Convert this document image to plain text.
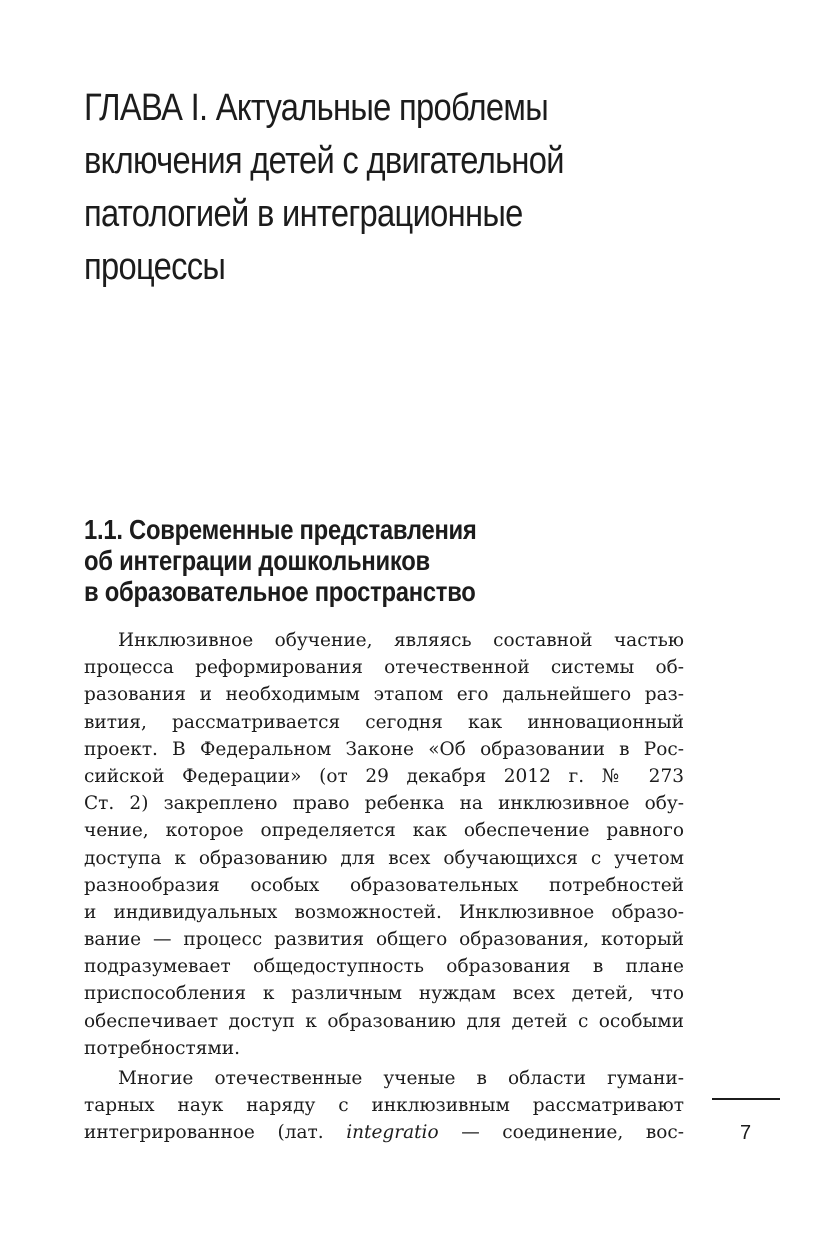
ГЛАВА I. Актуальные проблемы
включения детей с двигательной
патологией в интеграционные
процессы
1.1. Современные представления
об интеграции дошкольников
в образовательное пространство

Инклюзивное обучение, являясь составной частью
процесса реформирования отечественной системы об-
разования и необходимым этапом его дальнейшего раз-
вития, рассматривается сегодня как инновационный
проект. В Федеральном Законе «Об образовании в Рос-
сийской Федерации» (от 29 декабря 2012 г. № 273
Ст. 2) закреплено право ребенка на инклюзивное обу-
чение, которое определяется как обеспечение равного
доступа к образованию для всех обучающихся с учетом
разнообразия особых образовательных потребностей
и индивидуальных возможностей. Инклюзивное образо-
вание — процесс развития общего образования, который
подразумевает общедоступность образования в плане
приспособления к различным нуждам всех детей, что
обеспечивает доступ к образованию для детей с особыми
потребностями.

Многие отечественные ученые в области гумани-
тарных наук наряду с инклюзивным рассматривают
интегрированное (лат. integratio — соединение, вос-	7
